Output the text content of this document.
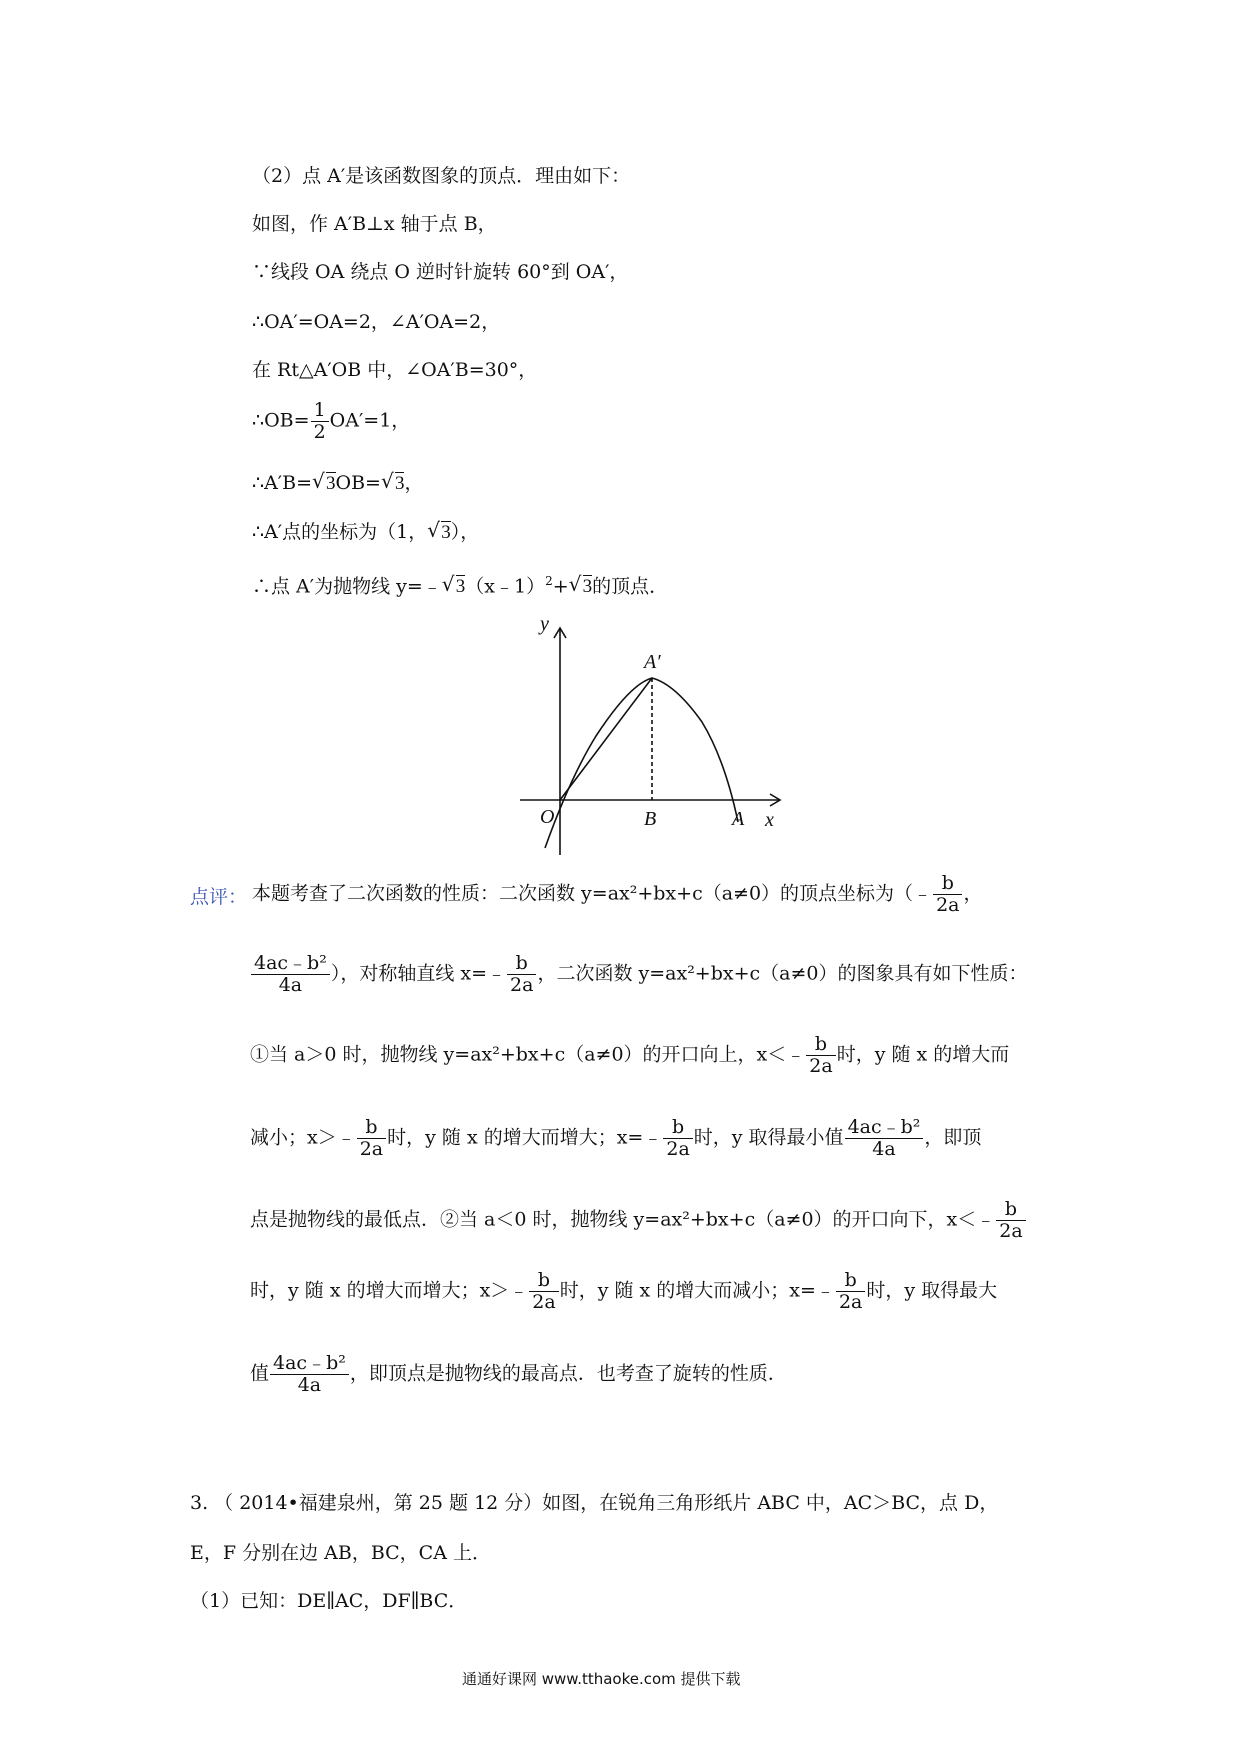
（2）点 A′是该函数图象的顶点．理由如下：
如图，作 A′B⊥x 轴于点 B，
∵线段 OA 绕点 O 逆时针旋转 60°到 OA′，
∴OA′=OA=2，∠A′OA=2，
在 Rt△A′OB 中，∠OA′B=30°，
∴OB= $\frac{1}{2} OA'=1$，
∴A′B= √ 3OB= √ 3，
∴A′点的坐标为（1， √ 3），
∴点 A′为抛物线 y=﹣ √ 3（x﹣1）$^2$+ √ 3的顶点．
y
x
O	B	A
A′
点评： 本题考查了二次函数的性质：二次函数 y=ax²+bx+c（a≠0）的顶点坐标为（﹣ $\frac{b}{2a}$ ，
$\frac{\text{4ac﹣b²}}{4a}$ ），对称轴直线 x=﹣ $\frac{b}{2a}$ ，二次函数 y=ax²+bx+c（a≠0）的图象具有如下性质：
①当 a＞0 时，抛物线 y=ax²+bx+c（a≠0）的开口向上，x＜﹣ $\frac{b}{2a}$ 时，y 随 x 的增大而
减小；x＞﹣ $\frac{b}{2a}$ 时，y 随 x 的增大而增大；x=﹣ $\frac{b}{2a}$ 时，y 取得最小值 $\frac{\text{4ac﹣b²}}{4a}$ ，即顶
点是抛物线的最低点．②当 a＜0 时，抛物线 y=ax²+bx+c（a≠0）的开口向下，x＜﹣ $\frac{b}{2a}$
时，y 随 x 的增大而增大；x＞﹣ $\frac{b}{2a}$ 时，y 随 x 的增大而减小；x=﹣ $\frac{b}{2a}$ 时，y 取得最大
值 $\frac{\text{4ac﹣b²}}{4a}$ ，即顶点是抛物线的最高点．也考查了旋转的性质．
3. （ 2014•福建泉州，第 25 题 12 分）如图，在锐角三角形纸片 ABC 中，AC＞BC，点 D，
E，F 分别在边 AB，BC，CA 上．
（1）已知：DE∥AC，DF∥BC．
通通好课网 www.tthaoke.com 提供下载
